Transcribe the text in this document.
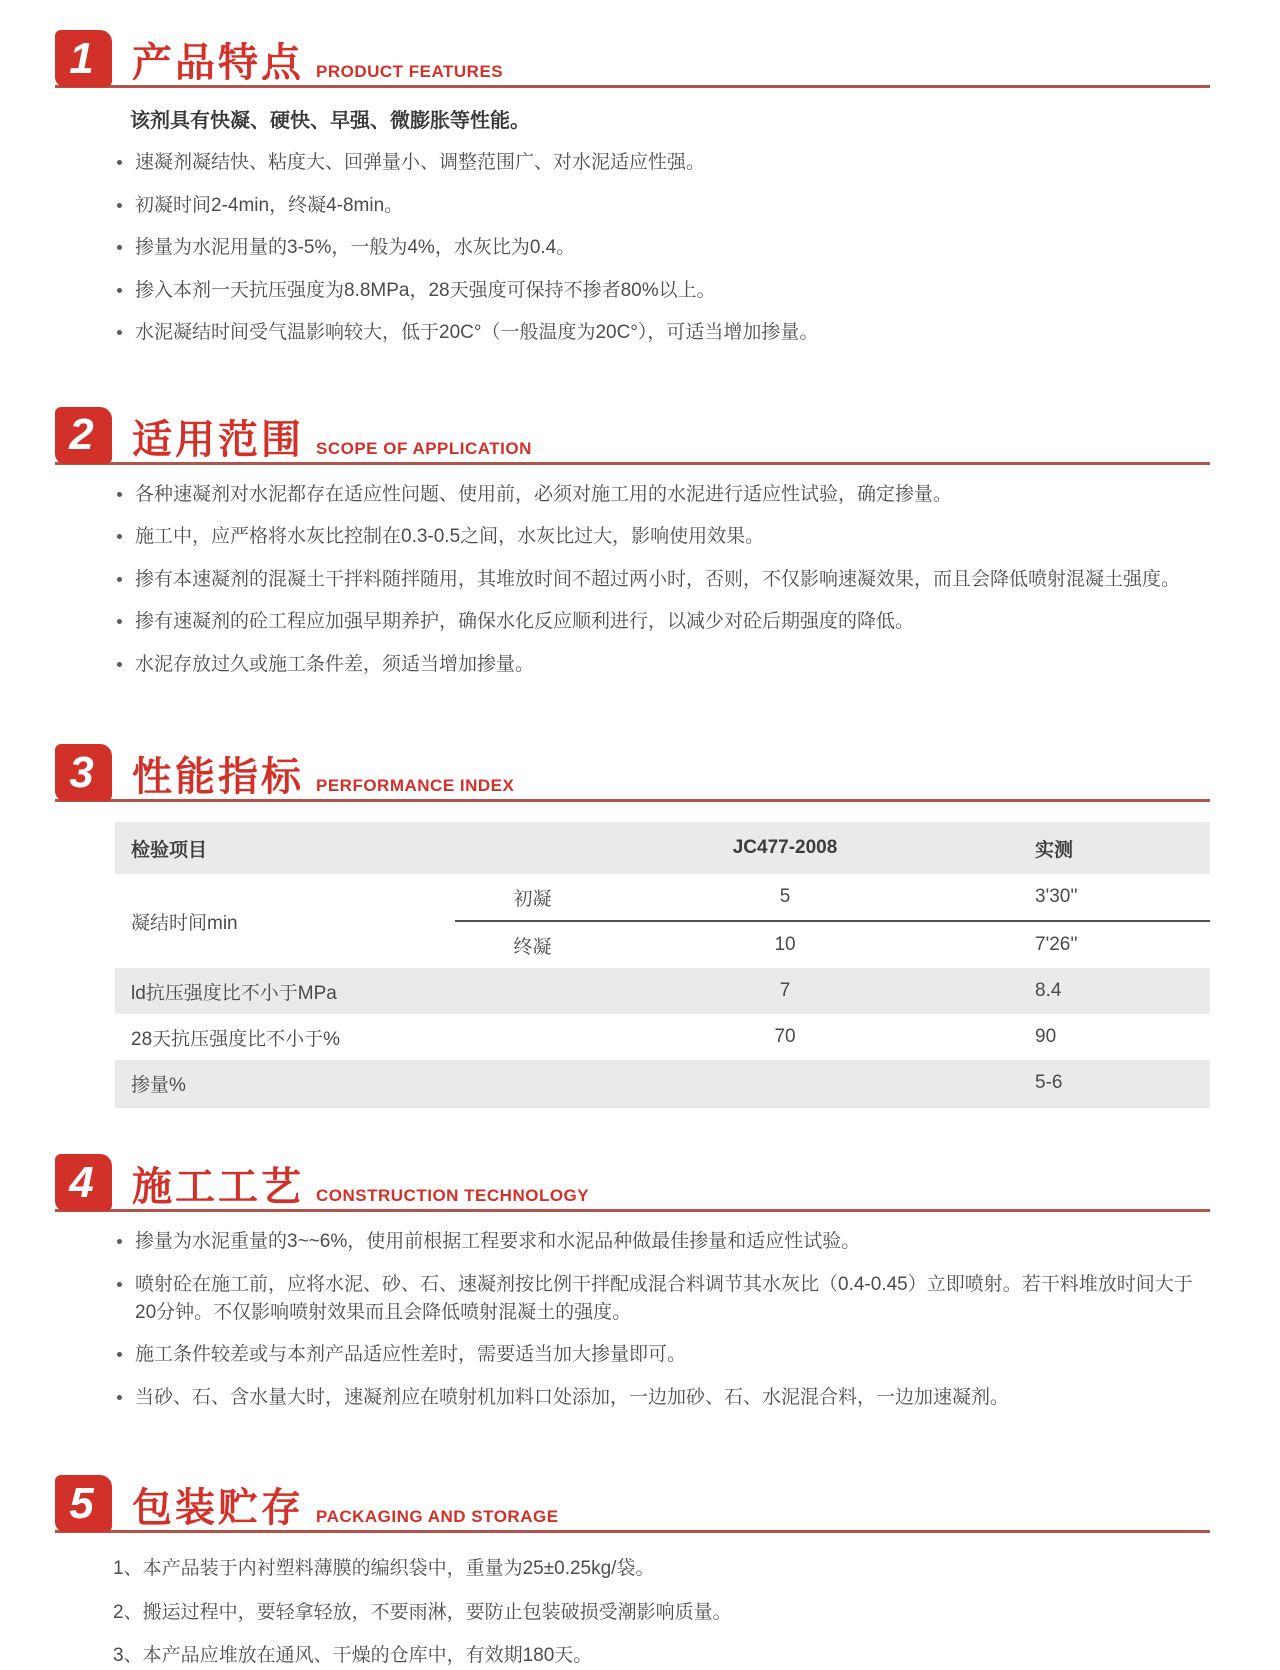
1 产品特点 PRODUCT FEATURES

该剂具有快凝、硬快、早强、微膨胀等性能。

速凝剂凝结快、粘度大、回弹量小、调整范围广、对水泥适应性强。
初凝时间2-4min，终凝4-8min。
掺量为水泥用量的3-5%，一般为4%，水灰比为0.4。
掺入本剂一天抗压强度为8.8MPa，28天强度可保持不掺者80%以上。
水泥凝结时间受气温影响较大，低于20C°（一般温度为20C°），可适当增加掺量。
2 适用范围 SCOPE OF APPLICATION
各种速凝剂对水泥都存在适应性问题、使用前，必须对施工用的水泥进行适应性试验，确定掺量。
施工中，应严格将水灰比控制在0.3-0.5之间，水灰比过大，影响使用效果。
掺有本速凝剂的混凝土干拌料随拌随用，其堆放时间不超过两小时，否则，不仅影响速凝效果，而且会降低喷射混凝土强度。
掺有速凝剂的砼工程应加强早期养护，确保水化反应顺利进行，以减少对砼后期强度的降低。
水泥存放过久或施工条件差，须适当增加掺量。
3 性能指标 PERFORMANCE INDEX
检验项目		JC477-2008	实测
凝结时间min	初凝	5	3'30''
	终凝	10	7'26''
ld抗压强度比不小于MPa		7	8.4
28天抗压强度比不小于%		70	90
掺量%			5-6
4 施工工艺 CONSTRUCTION TECHNOLOGY
掺量为水泥重量的3~~6%，使用前根据工程要求和水泥品种做最佳掺量和适应性试验。
喷射砼在施工前，应将水泥、砂、石、速凝剂按比例干拌配成混合料调节其水灰比（0.4-0.45）立即喷射。若干料堆放时间大于20分钟。不仅影响喷射效果而且会降低喷射混凝土的强度。
施工条件较差或与本剂产品适应性差时，需要适当加大掺量即可。
当砂、石、含水量大时，速凝剂应在喷射机加料口处添加，一边加砂、石、水泥混合料，一边加速凝剂。
5 包装贮存 PACKAGING AND STORAGE

1、本产品装于内衬塑料薄膜的编织袋中，重量为25±0.25kg/袋。

2、搬运过程中，要轻拿轻放，不要雨淋，要防止包装破损受潮影响质量。

3、本产品应堆放在通风、干燥的仓库中，有效期180天。
